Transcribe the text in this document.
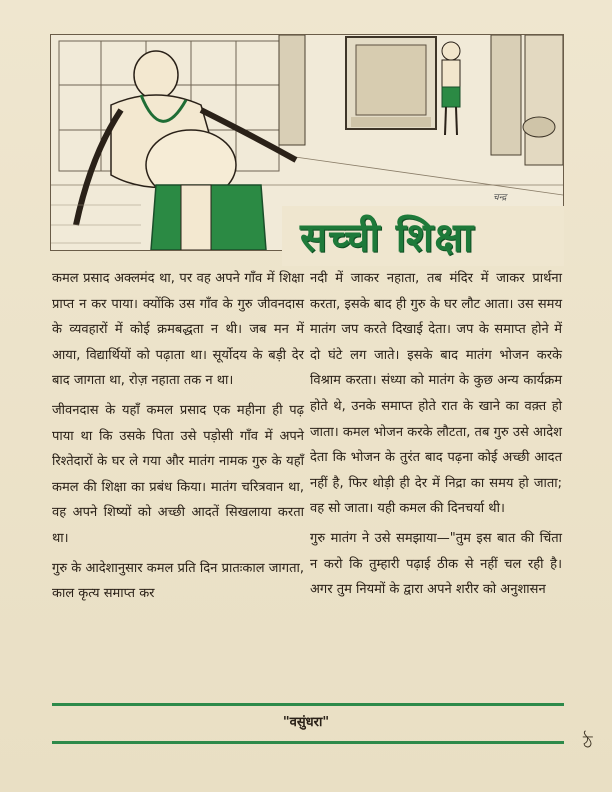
सच्ची शिक्षा
चन्द्र

कमल प्रसाद अक्लमंद था, पर वह अपने गाँव में शिक्षा प्राप्त न कर पाया। क्योंकि उस गाँव के गुरु जीवनदास के व्यवहारों में कोई क्रमबद्धता न थी। जब मन में आया, विद्यार्थियों को पढ़ाता था। सूर्योदय के बड़ी देर बाद जागता था, रोज़ नहाता तक न था।

जीवनदास के यहाँ कमल प्रसाद एक महीना ही पढ़ पाया था कि उसके पिता उसे पड़ोसी गाँव में अपने रिश्तेदारों के घर ले गया और मातंग नामक गुरु के यहाँ कमल की शिक्षा का प्रबंध किया। मातंग चरित्रवान था, वह अपने शिष्यों को अच्छी आदतें सिखलाया करता था।

गुरु के आदेशानुसार कमल प्रति दिन प्रातःकाल जागता, काल कृत्य समाप्त कर

नदी में जाकर नहाता, तब मंदिर में जाकर प्रार्थना करता, इसके बाद ही गुरु के घर लौट आता। उस समय मातंग जप करते दिखाई देता। जप के समाप्त होने में दो घंटे लग जाते। इसके बाद मातंग भोजन करके विश्राम करता। संध्या को मातंग के कुछ अन्य कार्यक्रम होते थे, उनके समाप्त होते रात के खाने का वक़्त हो जाता। कमल भोजन करके लौटता, तब गुरु उसे आदेश देता कि भोजन के तुरंत बाद पढ़ना कोई अच्छी आदत नहीं है, फिर थोड़ी ही देर में निद्रा का समय हो जाता; वह सो जाता। यही कमल की दिनचर्या थी।

गुरु मातंग ने उसे समझाया—"तुम इस बात की चिंता न करो कि तुम्हारी पढ़ाई ठीक से नहीं चल रही है। अगर तुम नियमों के द्वारा अपने शरीर को अनुशासन

"वसुंधरा"
ঠ
